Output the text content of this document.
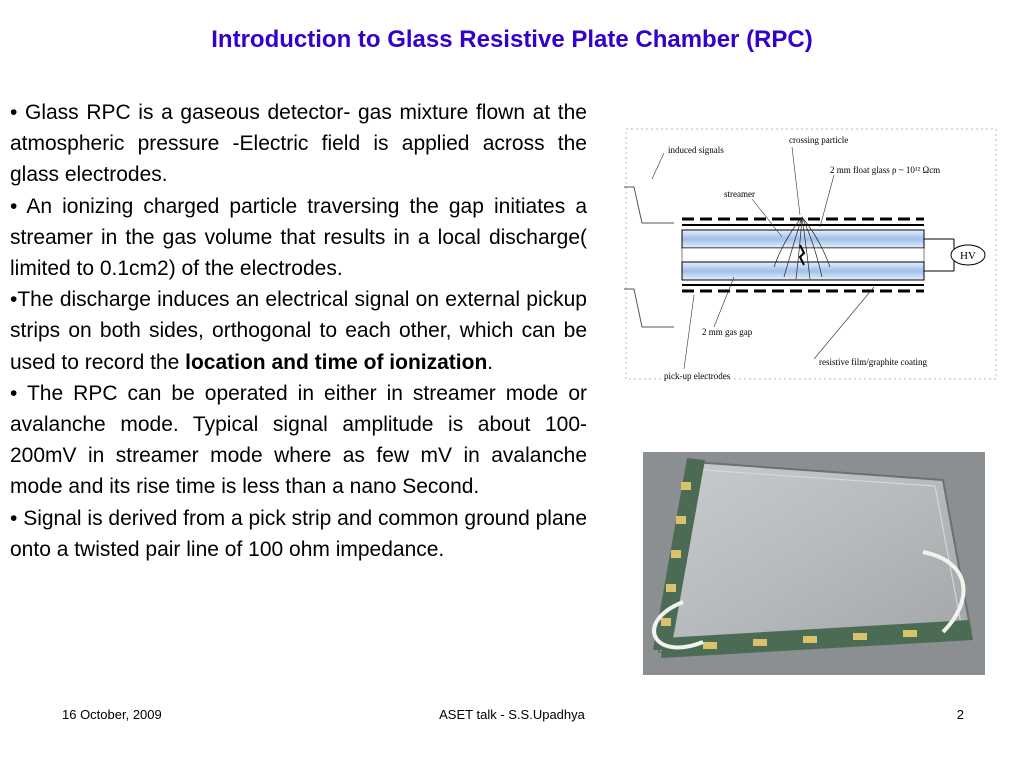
Introduction to Glass Resistive Plate Chamber (RPC)

• Glass RPC is a gaseous detector- gas mixture flown at the atmospheric pressure -Electric field is applied across the glass electrodes.

• An ionizing charged particle traversing the gap initiates a streamer in the gas volume that results in a local discharge( limited to 0.1cm2) of the electrodes.

•The discharge induces an electrical signal on external pickup strips on both sides, orthogonal to each other, which can be used to record the location and time of ionization.

• The RPC can be operated in either in streamer mode or avalanche mode. Typical signal amplitude is about 100-200mV in streamer mode where as few mV in avalanche mode and its rise time is less than a nano Second.

• Signal is derived from a pick strip and common ground plane onto a twisted pair line of 100 ohm impedance.

HV
induced signals
crossing particle
2 mm float glass ρ ~ 10¹² Ωcm
streamer
2 mm gas gap
resistive film/graphite coating
pick-up electrodes
16 October, 2009	ASET talk - S.S.Upadhya	2
